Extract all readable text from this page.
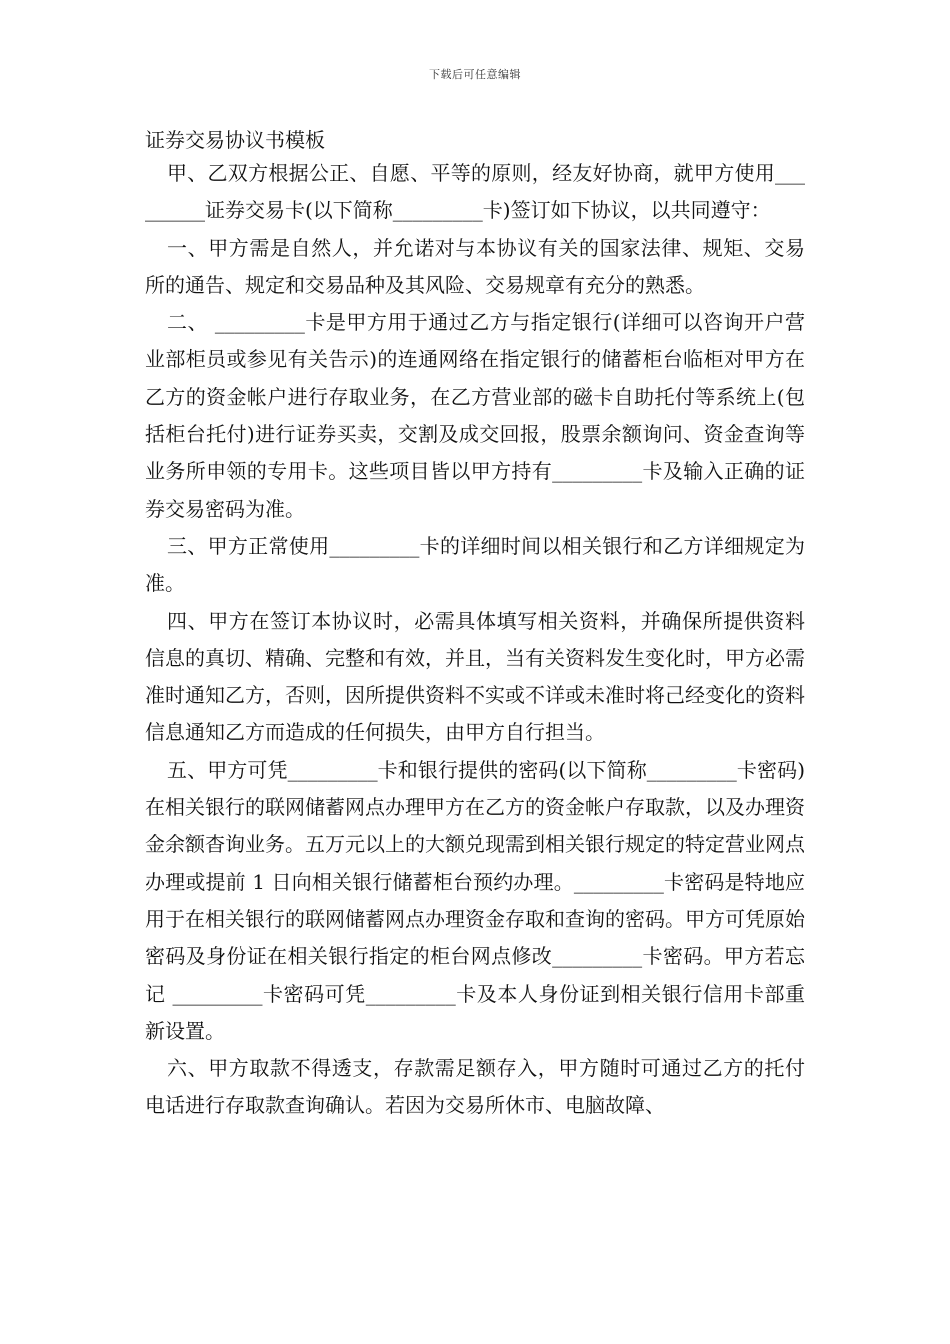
下载后可任意编辑
证券交易协议书模板

甲、乙双方根据公正、自愿、平等的原则，经友好协商，就甲方使用_________证券交易卡(以下简称_________卡)签订如下协议，以共同遵守：

一、甲方需是自然人，并允诺对与本协议有关的国家法律、规矩、交易所的通告、规定和交易品种及其风险、交易规章有充分的熟悉。

二、 _________卡是甲方用于通过乙方与指定银行(详细可以咨询开户营业部柜员或参见有关告示)的连通网络在指定银行的储蓄柜台临柜对甲方在乙方的资金帐户进行存取业务，在乙方营业部的磁卡自助托付等系统上(包括柜台托付)进行证券买卖，交割及成交回报，股票余额询问、资金查询等业务所申领的专用卡。这些项目皆以甲方持有_________卡及输入正确的证券交易密码为准。

三、甲方正常使用_________卡的详细时间以相关银行和乙方详细规定为准。

四、甲方在签订本协议时，必需具体填写相关资料，并确保所提供资料信息的真切、精确、完整和有效，并且，当有关资料发生变化时，甲方必需准时通知乙方，否则，因所提供资料不实或不详或未准时将己经变化的资料信息通知乙方而造成的任何损失，由甲方自行担当。

五、甲方可凭_________卡和银行提供的密码(以下简称_________卡密码)在相关银行的联网储蓄网点办理甲方在乙方的资金帐户存取款，以及办理资金余额杳询业务。五万元以上的大额兑现需到相关银行规定的特定营业网点办理或提前 1 日向相关银行储蓄柜台预约办理。_________卡密码是特地应用于在相关银行的联网储蓄网点办理资金存取和查询的密码。甲方可凭原始密码及身份证在相关银行指定的柜台网点修改_________卡密码。甲方若忘记 _________卡密码可凭_________卡及本人身份证到相关银行信用卡部重新设置。

六、甲方取款不得透支，存款需足额存入，甲方随时可通过乙方的托付电话进行存取款查询确认。若因为交易所休市、电脑故障、
